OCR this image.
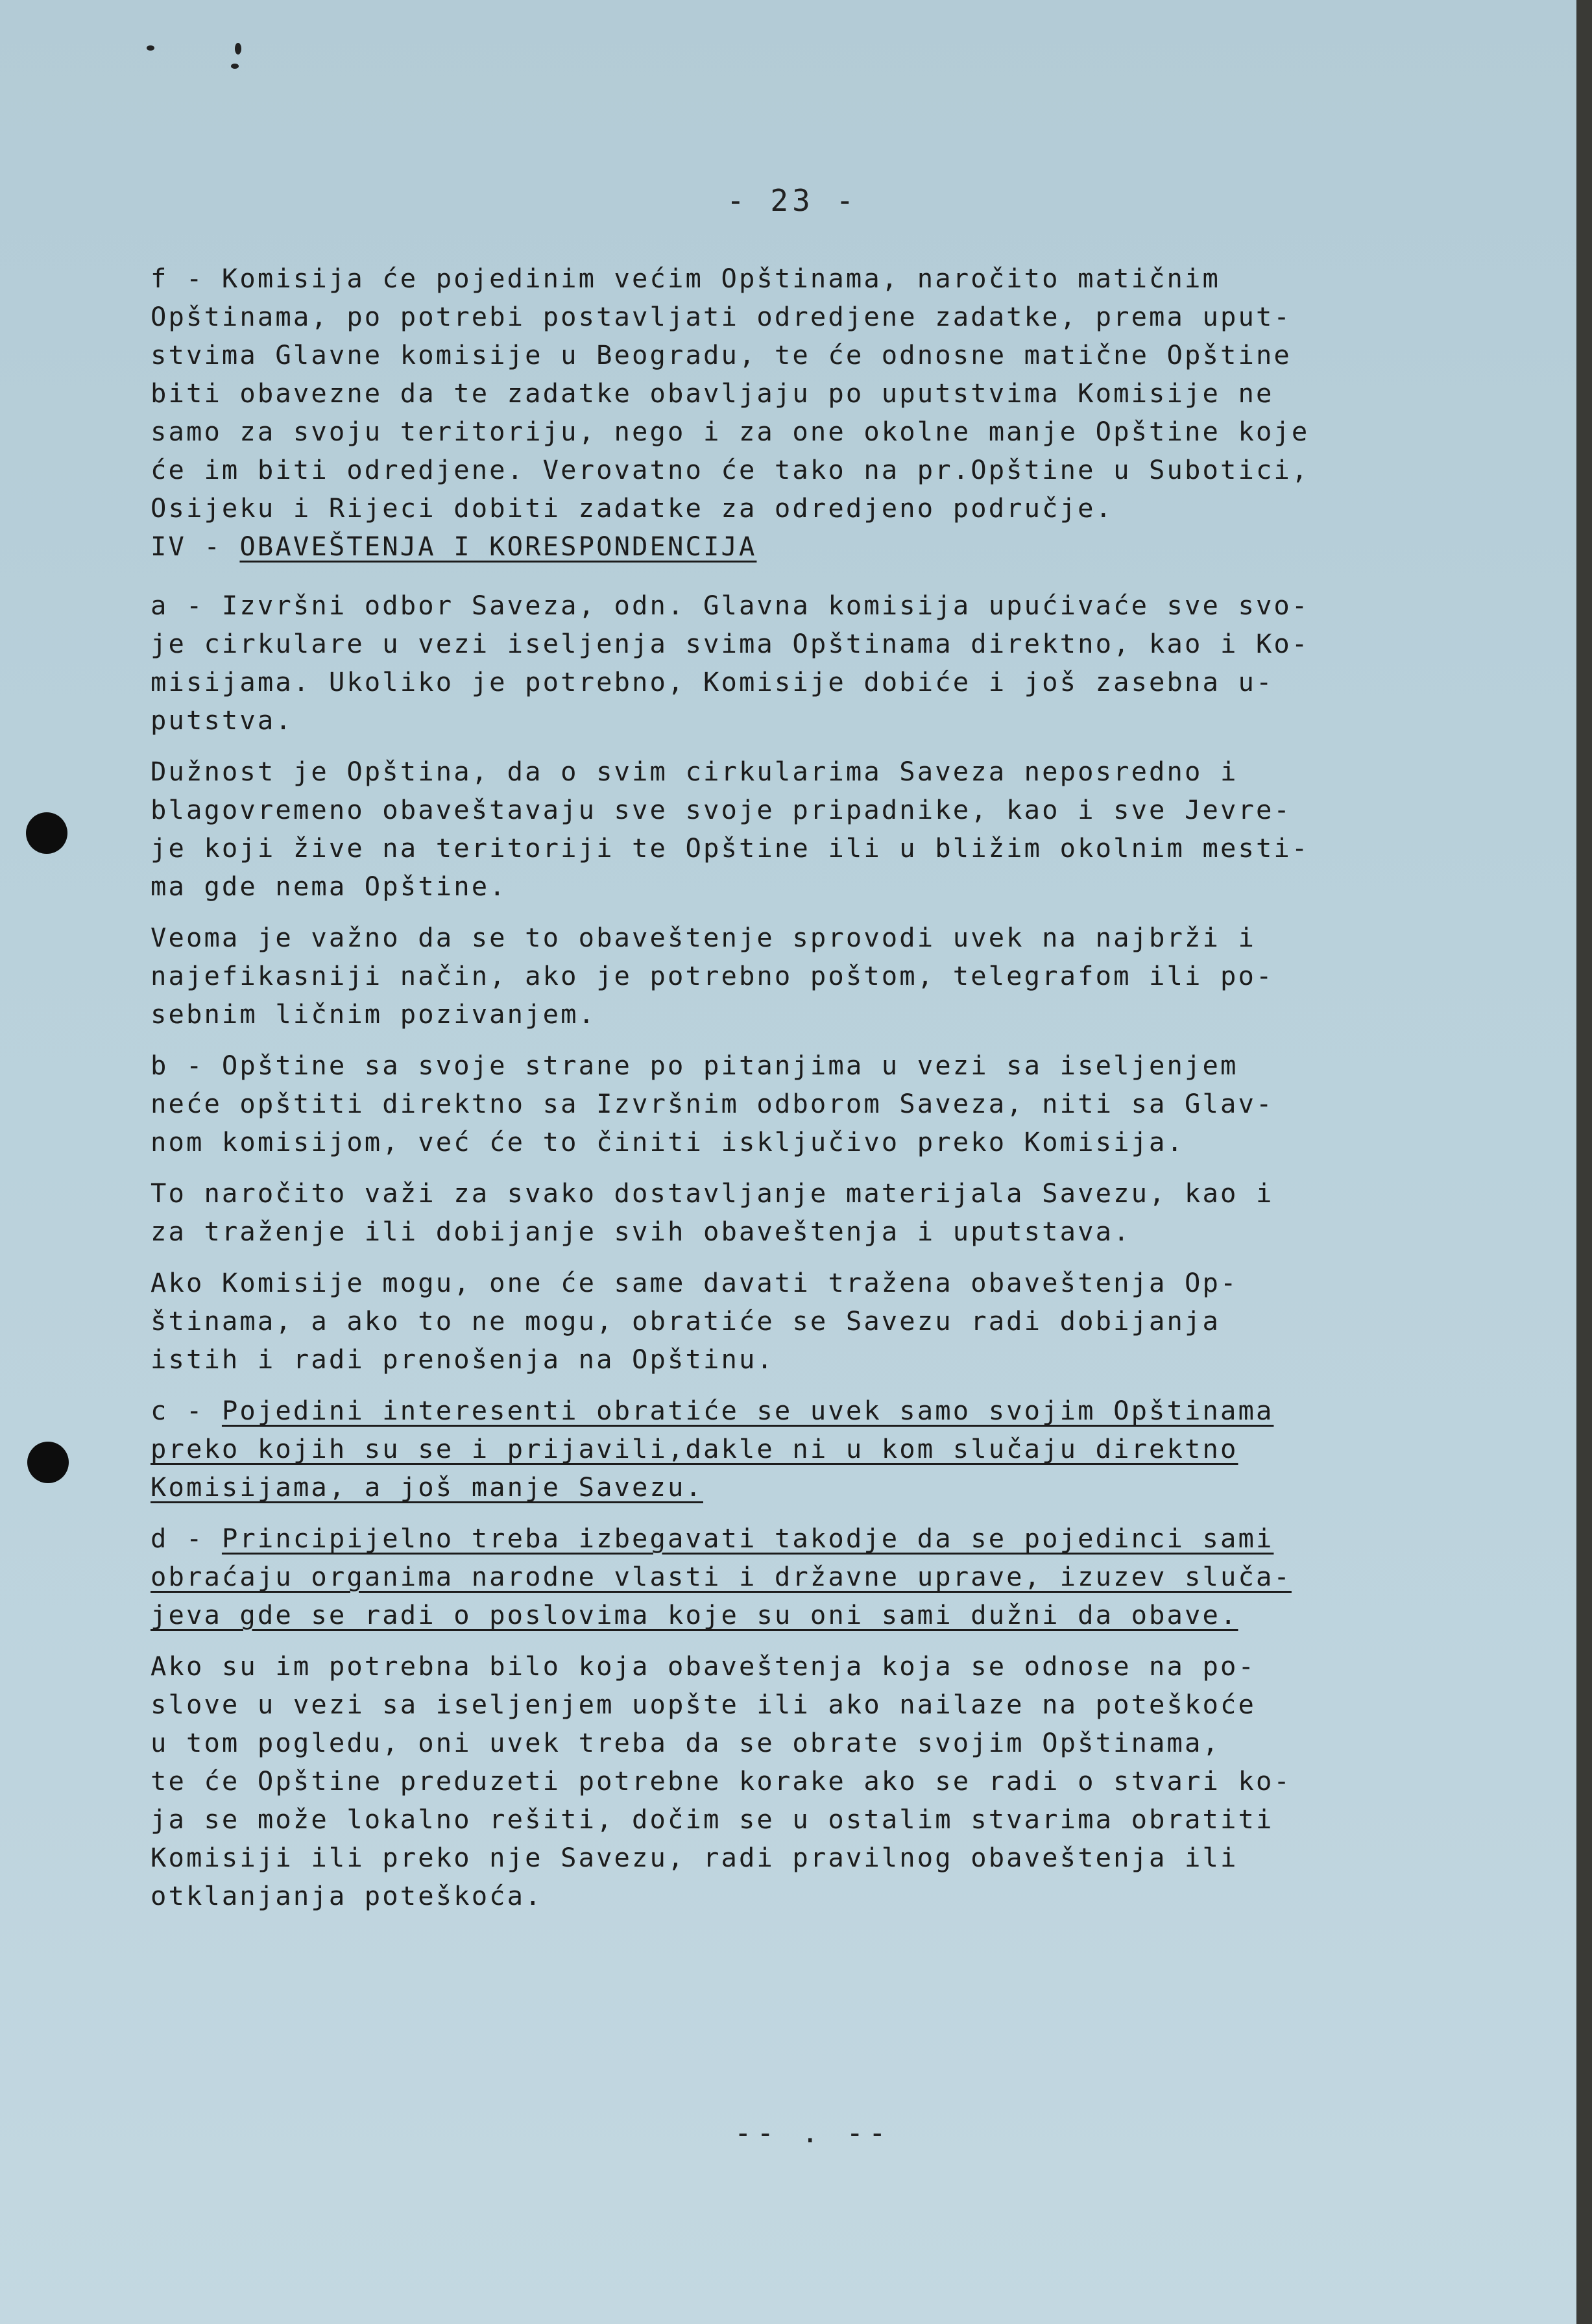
- 23 -

f - Komisija će pojedinim većim Opštinama, naročito matičnim
Opštinama, po potrebi postavljati odredjene zadatke, prema uput-
stvima Glavne komisije u Beogradu, te će odnosne matične Opštine
biti obavezne da te zadatke obavljaju po uputstvima Komisije ne
samo za svoju teritoriju, nego i za one okolne manje Opštine koje
će im biti odredjene. Verovatno će tako na pr.Opštine u Subotici,
Osijeku i Rijeci dobiti zadatke za odredjeno područje.

IV - OBAVEŠTENJA I KORESPONDENCIJA

a - Izvršni odbor Saveza, odn. Glavna komisija upućivaće sve svo-
je cirkulare u vezi iseljenja svima Opštinama direktno, kao i Ko-
misijama. Ukoliko je potrebno, Komisije dobiće i još zasebna u-
putstva.

Dužnost je Opština, da o svim cirkularima Saveza neposredno i
blagovremeno obaveštavaju sve svoje pripadnike, kao i sve Jevre-
je koji žive na teritoriji te Opštine ili u bližim okolnim mesti-
ma gde nema Opštine.

Veoma je važno da se to obaveštenje sprovodi uvek na najbrži i
najefikasniji način, ako je potrebno poštom, telegrafom ili po-
sebnim ličnim pozivanjem.

b - Opštine sa svoje strane po pitanjima u vezi sa iseljenjem
neće opštiti direktno sa Izvršnim odborom Saveza, niti sa Glav-
nom komisijom, već će to činiti isključivo preko Komisija.

To naročito važi za svako dostavljanje materijala Savezu, kao i
za traženje ili dobijanje svih obaveštenja i uputstava.

Ako Komisije mogu, one će same davati tražena obaveštenja Op-
štinama, a ako to ne mogu, obratiće se Savezu radi dobijanja
istih i radi prenošenja na Opštinu.

c - Pojedini interesenti obratiće se uvek samo svojim Opštinama
preko kojih su se i prijavili,dakle ni u kom slučaju direktno
Komisijama, a još manje Savezu.

d - Principijelno treba izbegavati takodje da se pojedinci sami
obraćaju organima narodne vlasti i državne uprave, izuzev sluča-
jeva gde se radi o poslovima koje su oni sami dužni da obave.

Ako su im potrebna bilo koja obaveštenja koja se odnose na po-
slove u vezi sa iseljenjem uopšte ili ako nailaze na poteškoće
u tom pogledu, oni uvek treba da se obrate svojim Opštinama,
te će Opštine preduzeti potrebne korake ako se radi o stvari ko-
ja se može lokalno rešiti, dočim se u ostalim stvarima obratiti
Komisiji ili preko nje Savezu, radi pravilnog obaveštenja ili
otklanjanja poteškoća.

-- . --
